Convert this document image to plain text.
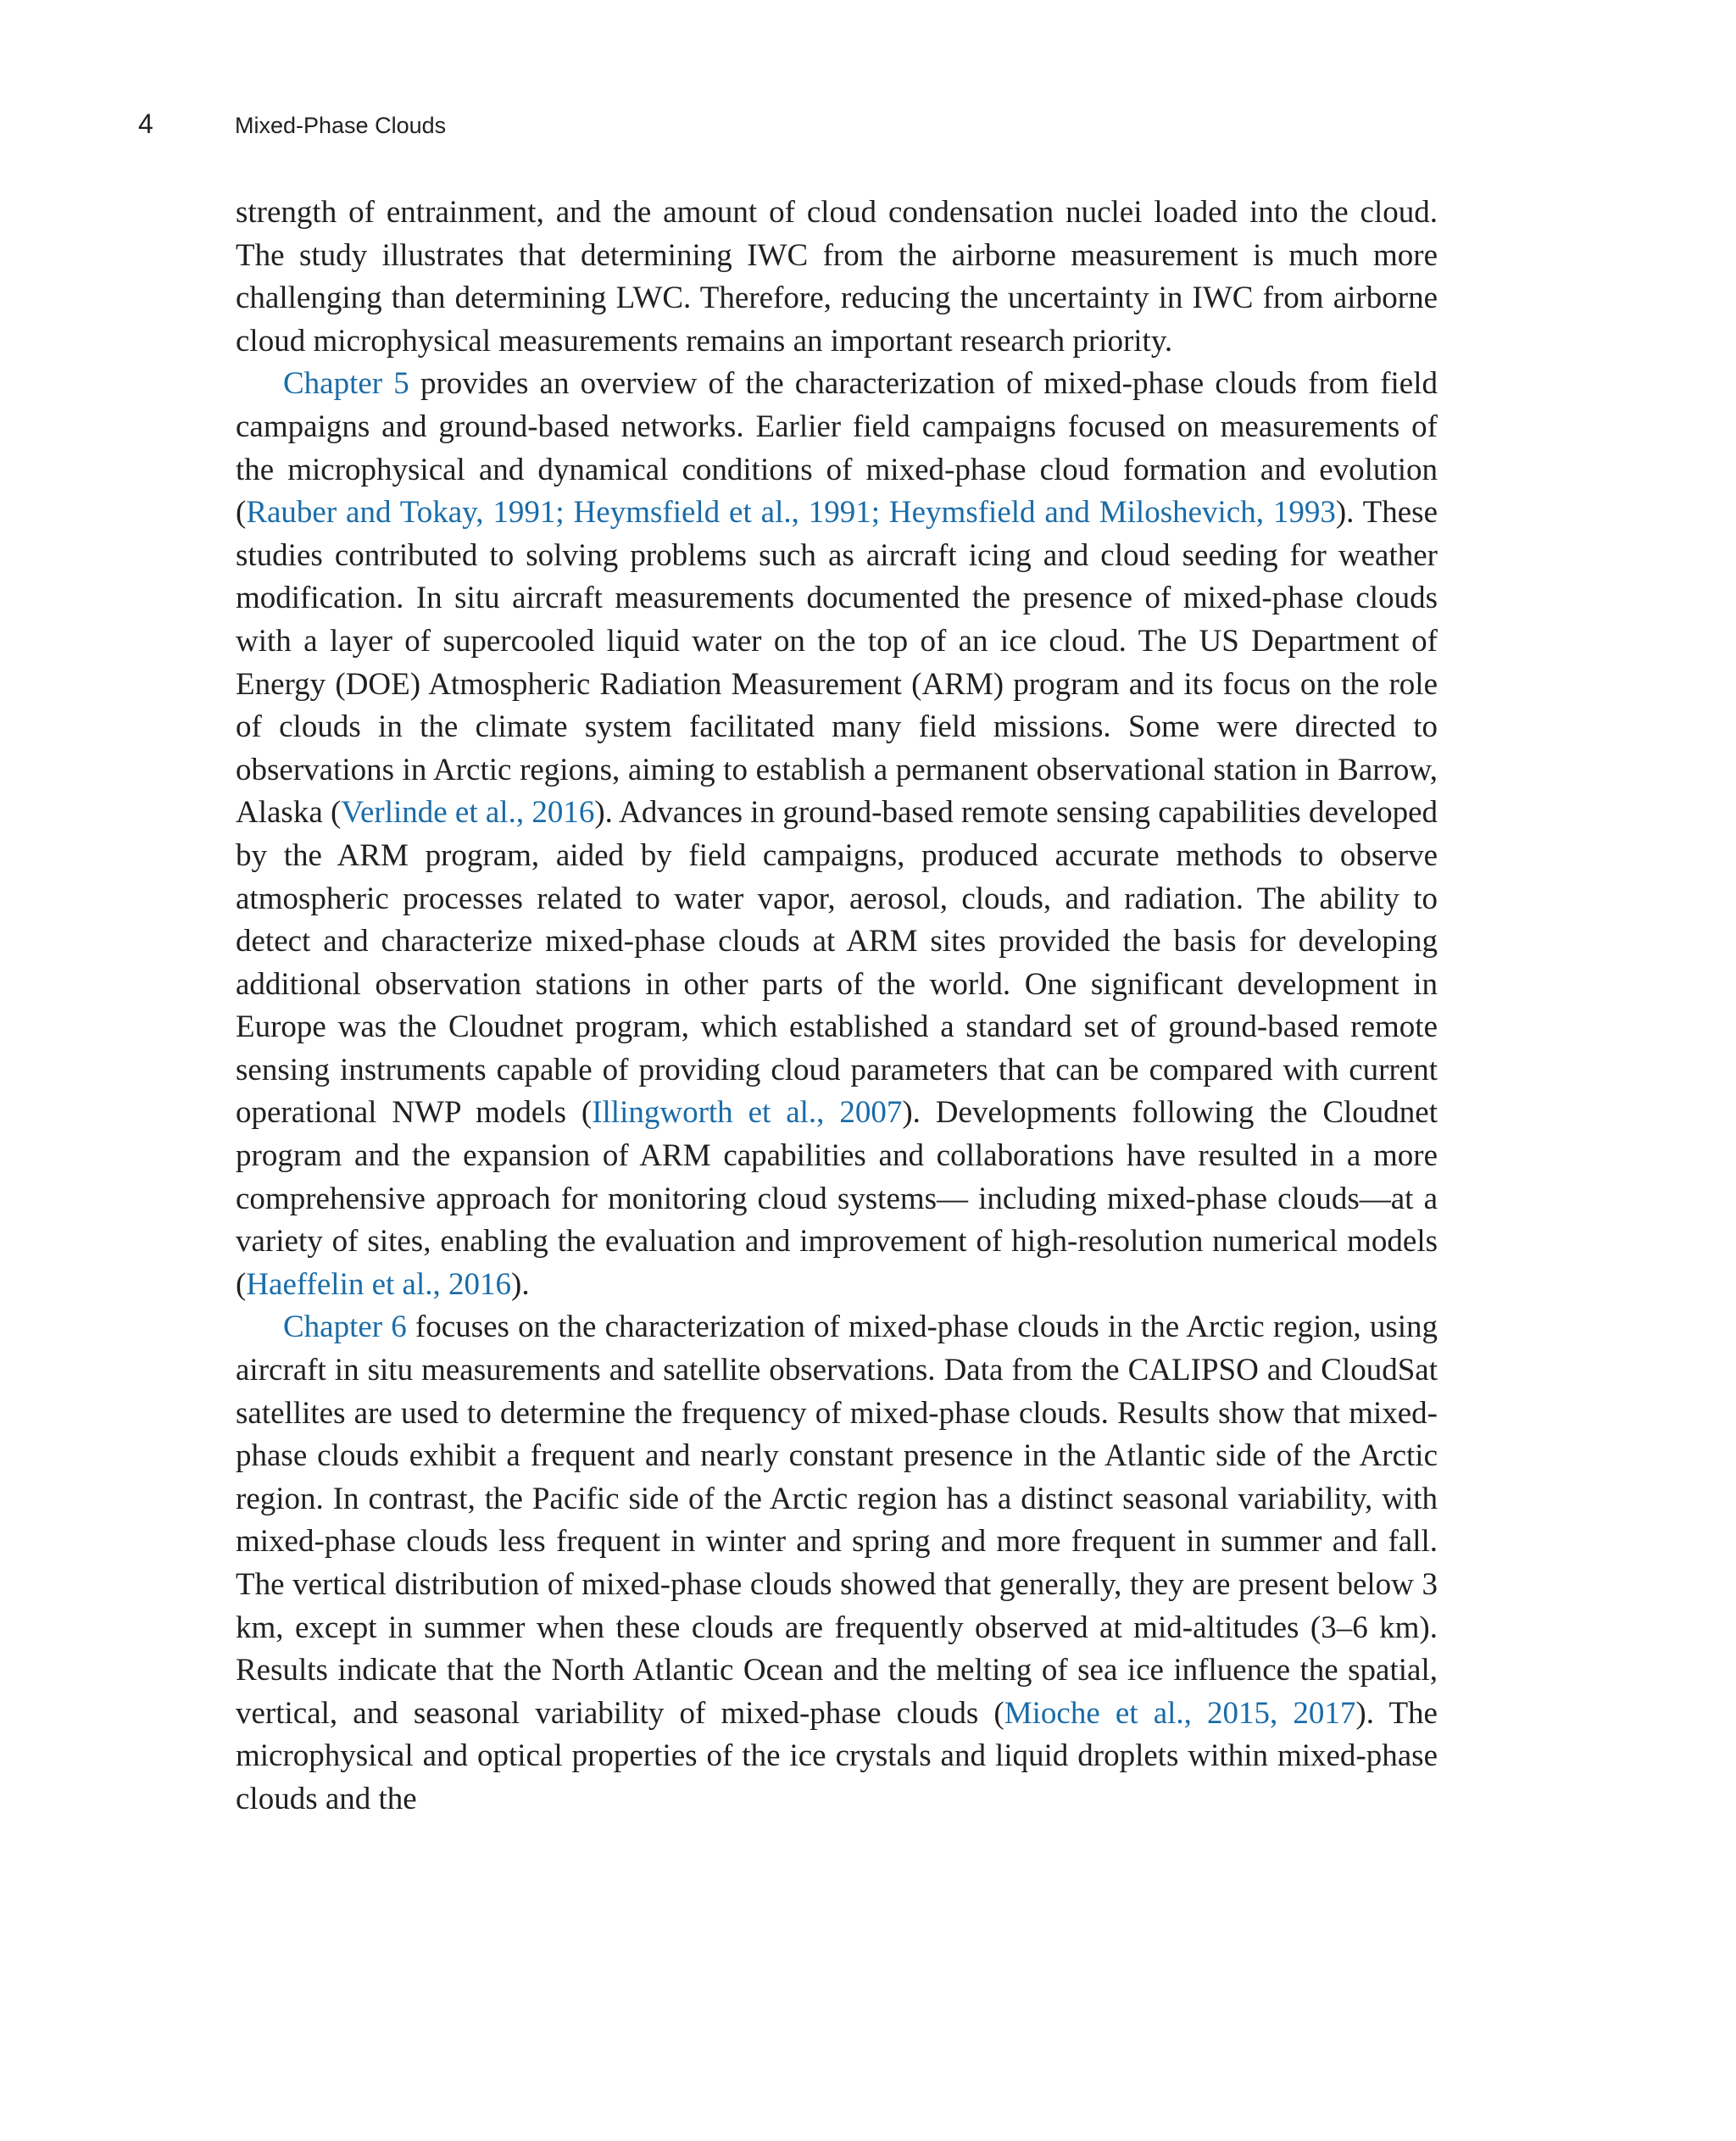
4	Mixed-Phase Clouds

strength of entrainment, and the amount of cloud condensation nuclei loaded into the cloud. The study illustrates that determining IWC from the airborne measurement is much more challenging than determining LWC. Therefore, reducing the uncertainty in IWC from airborne cloud microphysical measurements remains an important research priority.

Chapter 5 provides an overview of the characterization of mixed-phase clouds from field campaigns and ground-based networks. Earlier field campaigns focused on measurements of the microphysical and dynamical conditions of mixed-phase cloud formation and evolution (Rauber and Tokay, 1991; Heymsfield et al., 1991; Heymsfield and Miloshevich, 1993). These studies contributed to solving problems such as aircraft icing and cloud seeding for weather modification. In situ aircraft measurements documented the presence of mixed-phase clouds with a layer of supercooled liquid water on the top of an ice cloud. The US Department of Energy (DOE) Atmospheric Radiation Measurement (ARM) program and its focus on the role of clouds in the climate system facilitated many field missions. Some were directed to observations in Arctic regions, aiming to establish a permanent observational station in Barrow, Alaska (Verlinde et al., 2016). Advances in ground-based remote sensing capabilities developed by the ARM program, aided by field campaigns, produced accurate methods to observe atmospheric processes related to water vapor, aerosol, clouds, and radiation. The ability to detect and characterize mixed-phase clouds at ARM sites provided the basis for developing additional observation stations in other parts of the world. One significant development in Europe was the Cloudnet program, which established a standard set of ground-based remote sensing instruments capable of providing cloud parameters that can be compared with current operational NWP models (Illingworth et al., 2007). Developments following the Cloudnet program and the expansion of ARM capabilities and collaborations have resulted in a more comprehensive approach for monitoring cloud systems— including mixed-phase clouds—at a variety of sites, enabling the evaluation and improvement of high-resolution numerical models (Haeffelin et al., 2016).

Chapter 6 focuses on the characterization of mixed-phase clouds in the Arctic region, using aircraft in situ measurements and satellite observations. Data from the CALIPSO and CloudSat satellites are used to determine the frequency of mixed-phase clouds. Results show that mixed-phase clouds exhibit a frequent and nearly constant presence in the Atlantic side of the Arctic region. In contrast, the Pacific side of the Arctic region has a distinct seasonal variability, with mixed-phase clouds less frequent in winter and spring and more frequent in summer and fall. The vertical distribution of mixed-phase clouds showed that generally, they are present below 3 km, except in summer when these clouds are frequently observed at mid-altitudes (3–6 km). Results indicate that the North Atlantic Ocean and the melting of sea ice influence the spatial, vertical, and seasonal variability of mixed-phase clouds (Mioche et al., 2015, 2017). The microphysical and optical properties of the ice crystals and liquid droplets within mixed-phase clouds and the
